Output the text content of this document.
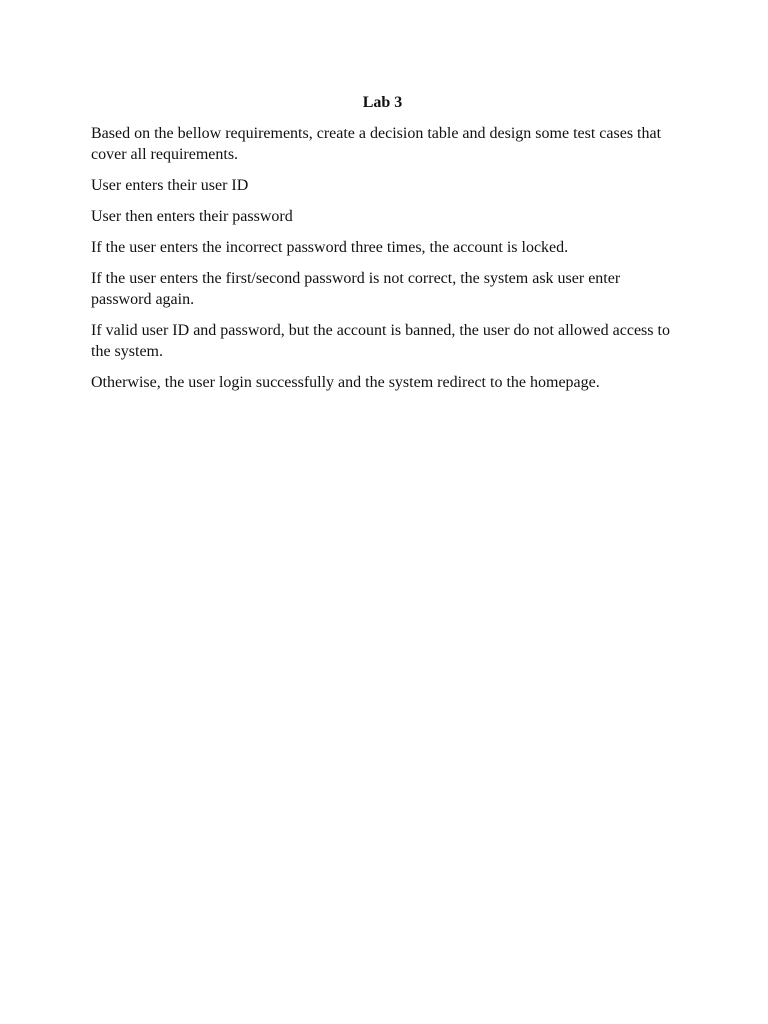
Lab 3

Based on the bellow requirements, create a decision table and design some test cases that cover all requirements.

User enters their user ID

User then enters their password

If the user enters the incorrect password three times, the account is locked.

If the user enters the first/second password is not correct, the system ask user enter password again.

If valid user ID and password, but the account is banned, the user do not allowed access to the system.

Otherwise, the user login successfully and the system redirect to the homepage.
